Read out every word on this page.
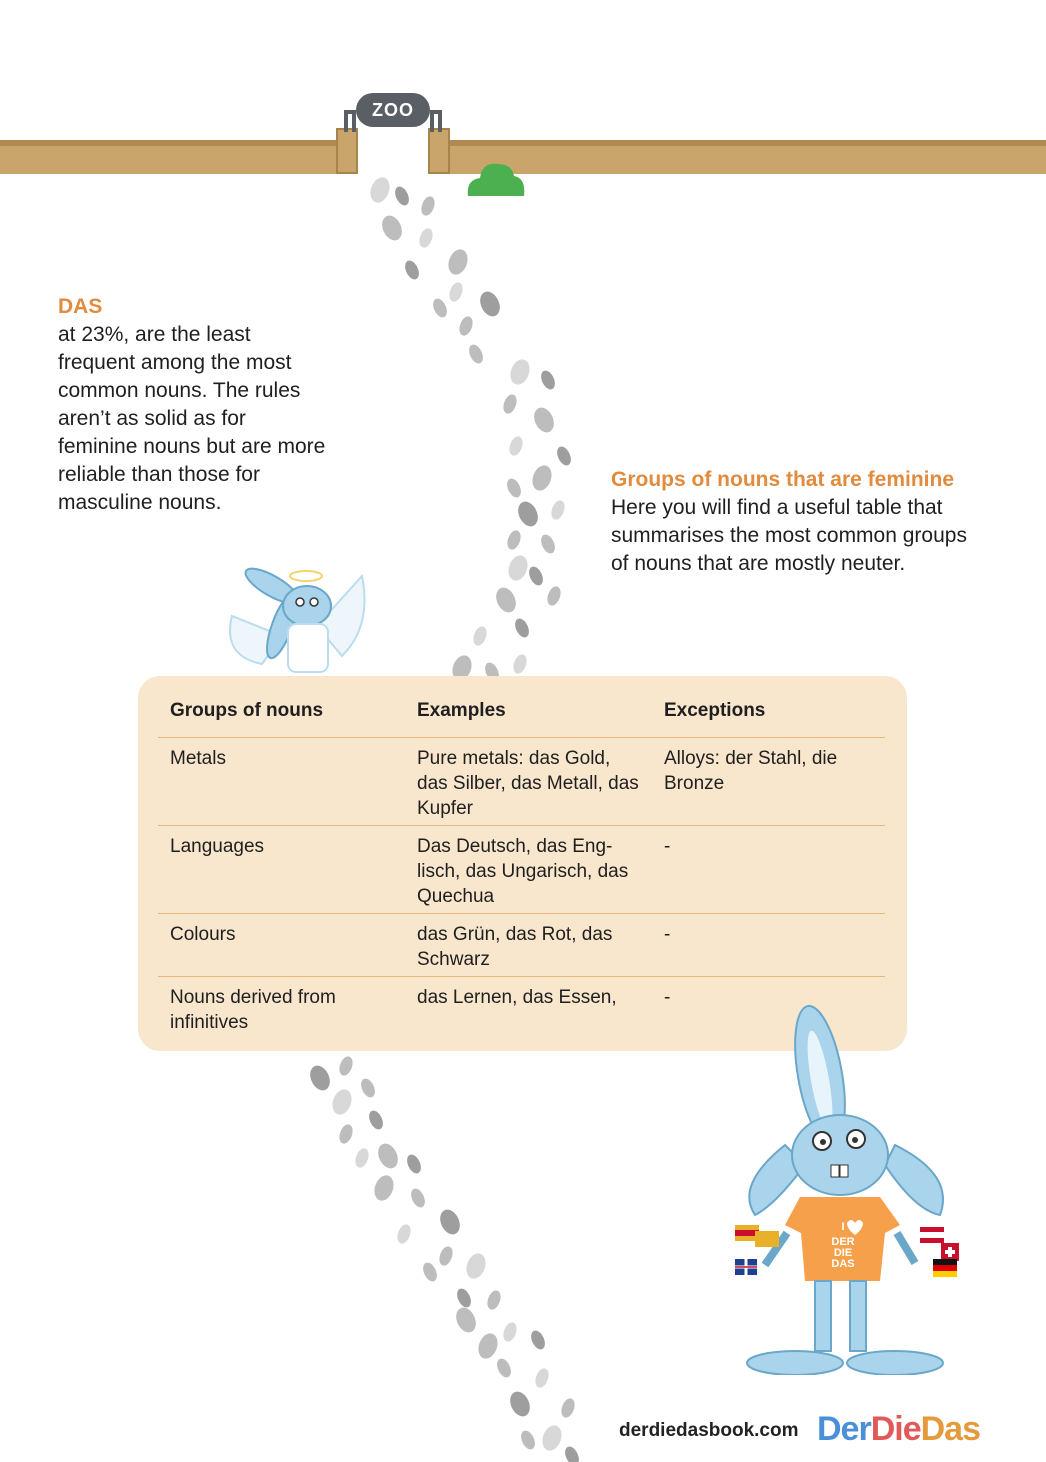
ZOO
DAS
at 23%, are the least frequent among the most common nouns. The rules aren’t as solid as for feminine nouns but are more reliable than those for masculine nouns.
Groups of nouns that are feminine
Here you will find a useful table that summarises the most common groups of nouns that are mostly neuter.
Groups of nouns	Examples	Exceptions
Metals	Pure metals: das Gold, das Silber, das Metall, das Kupfer	Alloys: der Stahl, die Bronze
Languages	Das Deutsch, das Eng-lisch, das Ungarisch, das Quechua	-
Colours	das Grün, das Rot, das Schwarz	-
Nouns derived from infinitives	das Lernen, das Essen,	-
I
DER
DIE
DAS
derdiedasbook.com DerDieDas
